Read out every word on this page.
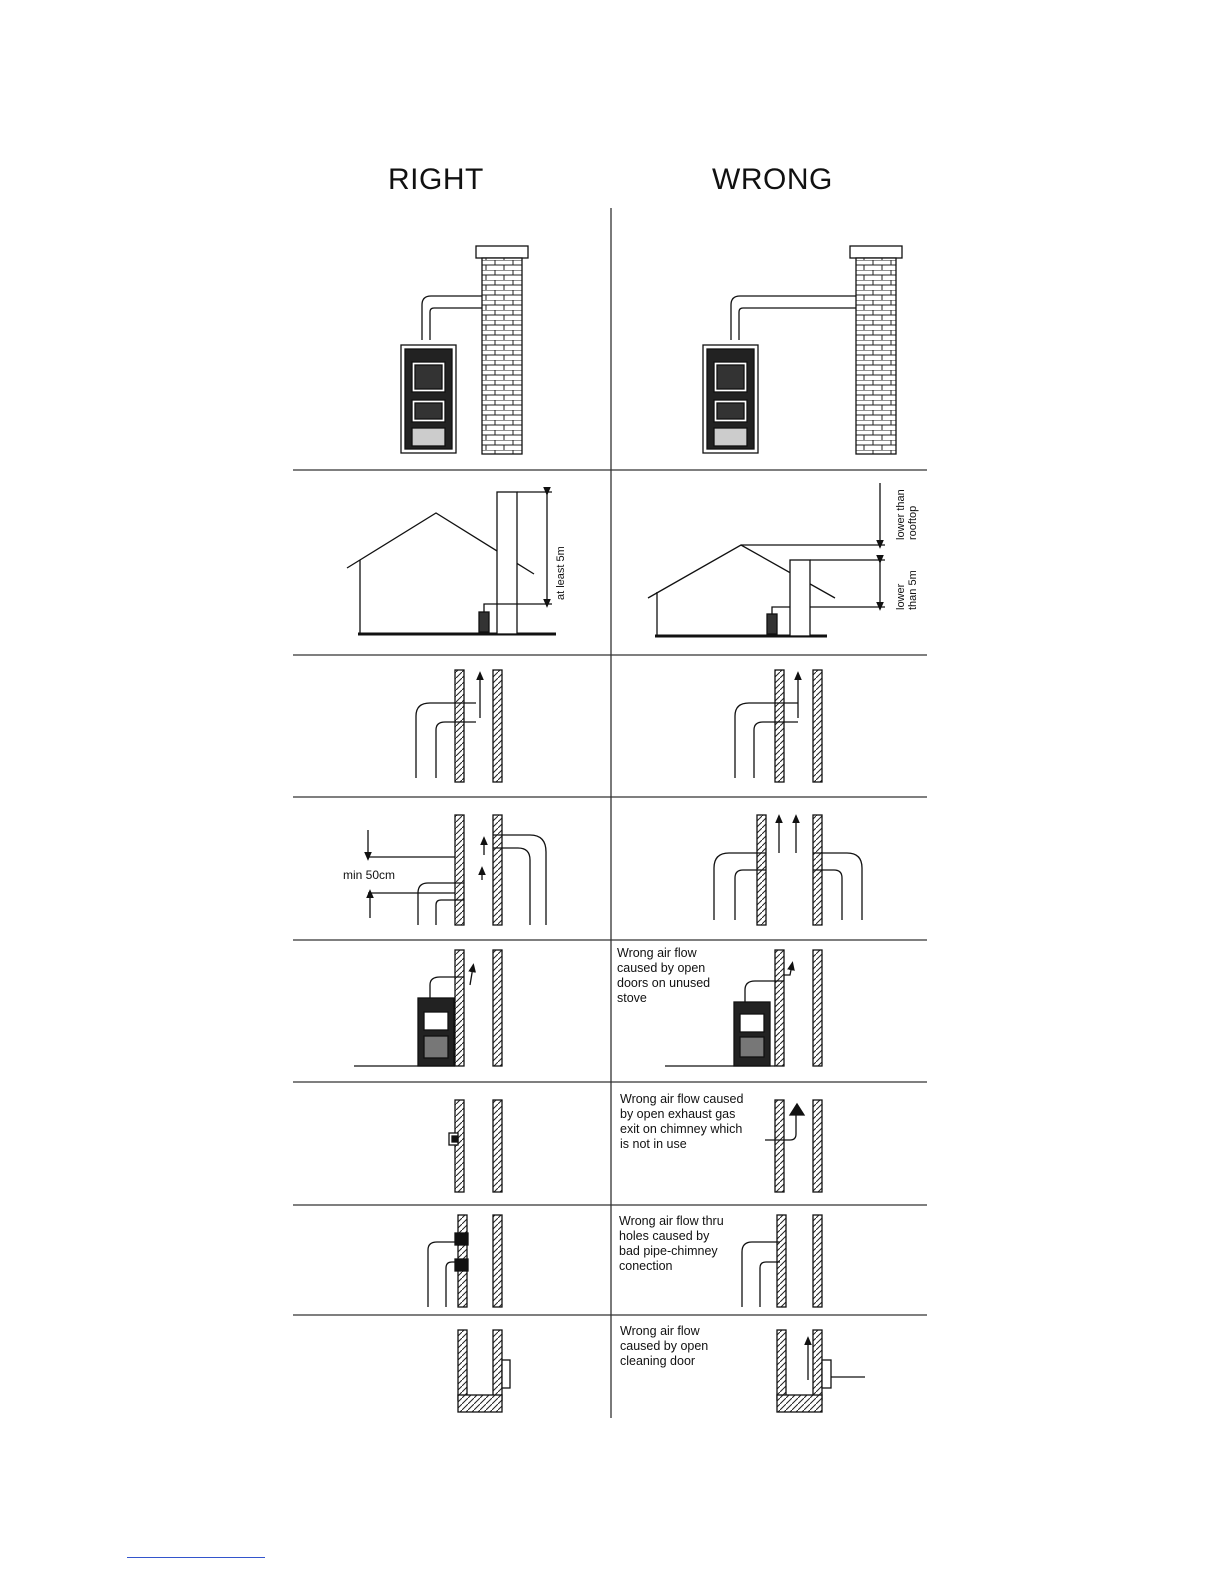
RIGHT	WRONG
min 50cm
at least 5m
lower than
rooftop
lower
than 5m
Wrong air flow
caused by open
doors on unused
stove
Wrong air flow caused
by open exhaust gas
exit on chimney which
is not in use
Wrong air flow thru
holes caused by
bad pipe-chimney
conection
Wrong air flow
caused by open
cleaning door
